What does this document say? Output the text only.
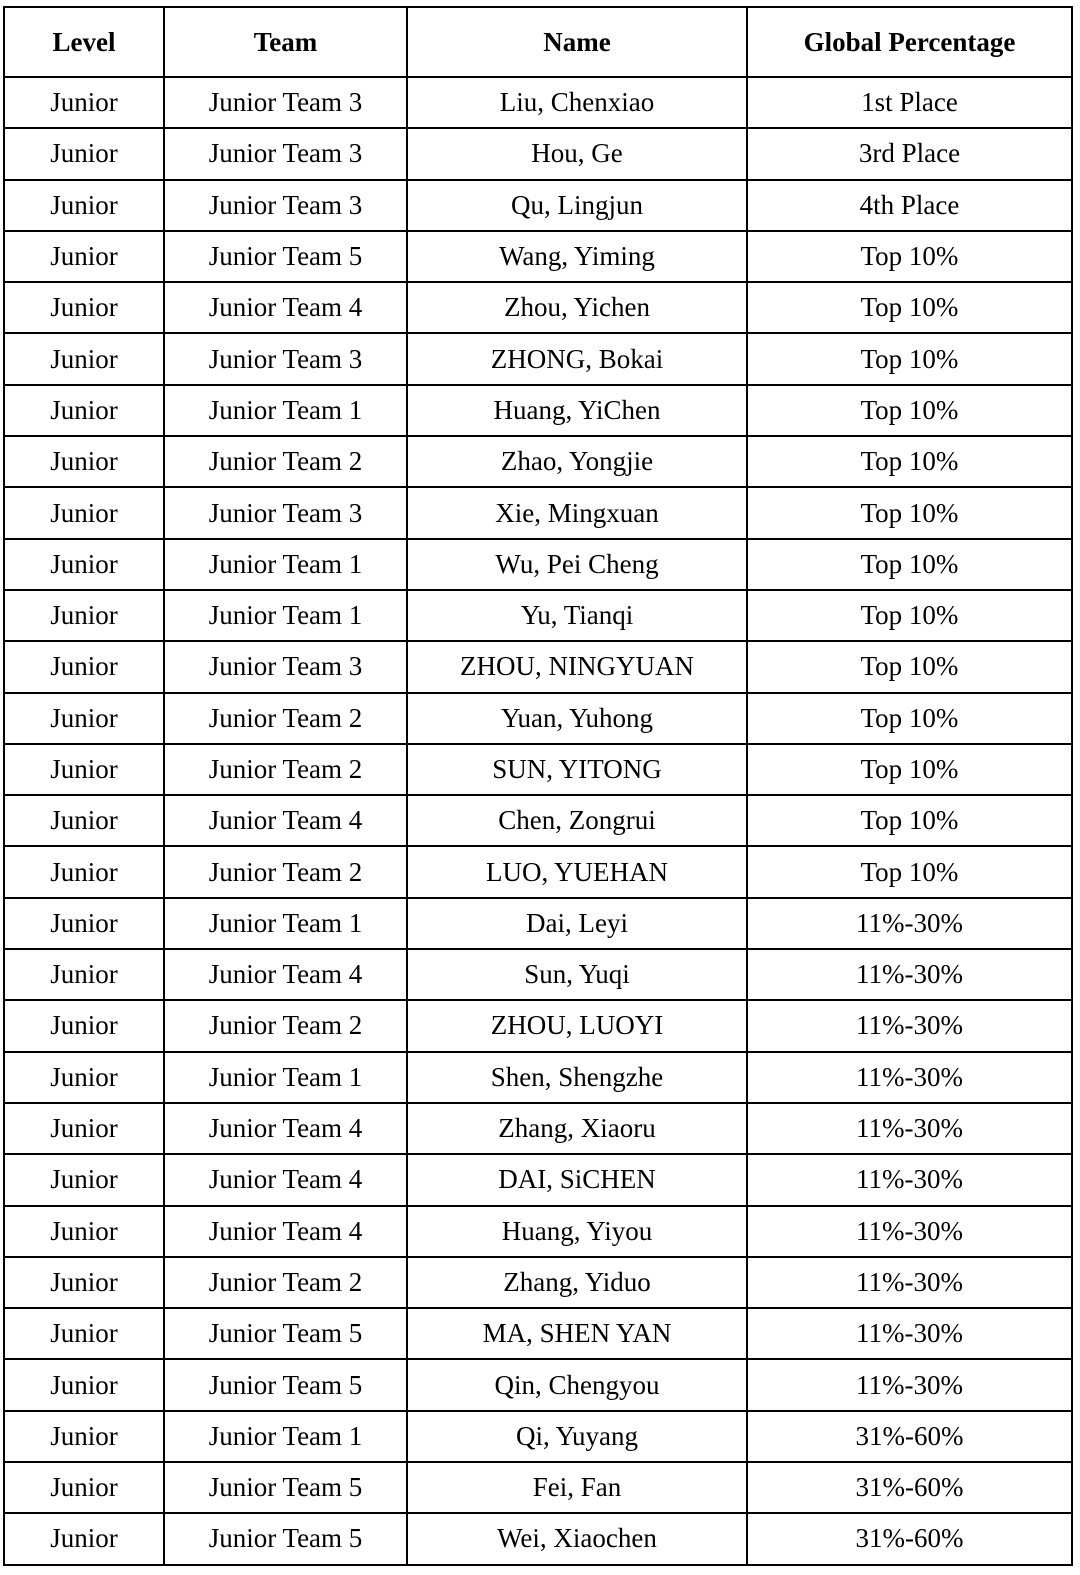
Level	Team	Name	Global Percentage
Junior	Junior Team 3	Liu, Chenxiao	1st Place
Junior	Junior Team 3	Hou, Ge	3rd Place
Junior	Junior Team 3	Qu, Lingjun	4th Place
Junior	Junior Team 5	Wang, Yiming	Top 10%
Junior	Junior Team 4	Zhou, Yichen	Top 10%
Junior	Junior Team 3	ZHONG, Bokai	Top 10%
Junior	Junior Team 1	Huang, YiChen	Top 10%
Junior	Junior Team 2	Zhao, Yongjie	Top 10%
Junior	Junior Team 3	Xie, Mingxuan	Top 10%
Junior	Junior Team 1	Wu, Pei Cheng	Top 10%
Junior	Junior Team 1	Yu, Tianqi	Top 10%
Junior	Junior Team 3	ZHOU, NINGYUAN	Top 10%
Junior	Junior Team 2	Yuan, Yuhong	Top 10%
Junior	Junior Team 2	SUN, YITONG	Top 10%
Junior	Junior Team 4	Chen, Zongrui	Top 10%
Junior	Junior Team 2	LUO, YUEHAN	Top 10%
Junior	Junior Team 1	Dai, Leyi	11%-30%
Junior	Junior Team 4	Sun, Yuqi	11%-30%
Junior	Junior Team 2	ZHOU, LUOYI	11%-30%
Junior	Junior Team 1	Shen, Shengzhe	11%-30%
Junior	Junior Team 4	Zhang, Xiaoru	11%-30%
Junior	Junior Team 4	DAI, SiCHEN	11%-30%
Junior	Junior Team 4	Huang, Yiyou	11%-30%
Junior	Junior Team 2	Zhang, Yiduo	11%-30%
Junior	Junior Team 5	MA, SHEN YAN	11%-30%
Junior	Junior Team 5	Qin, Chengyou	11%-30%
Junior	Junior Team 1	Qi, Yuyang	31%-60%
Junior	Junior Team 5	Fei, Fan	31%-60%
Junior	Junior Team 5	Wei, Xiaochen	31%-60%
